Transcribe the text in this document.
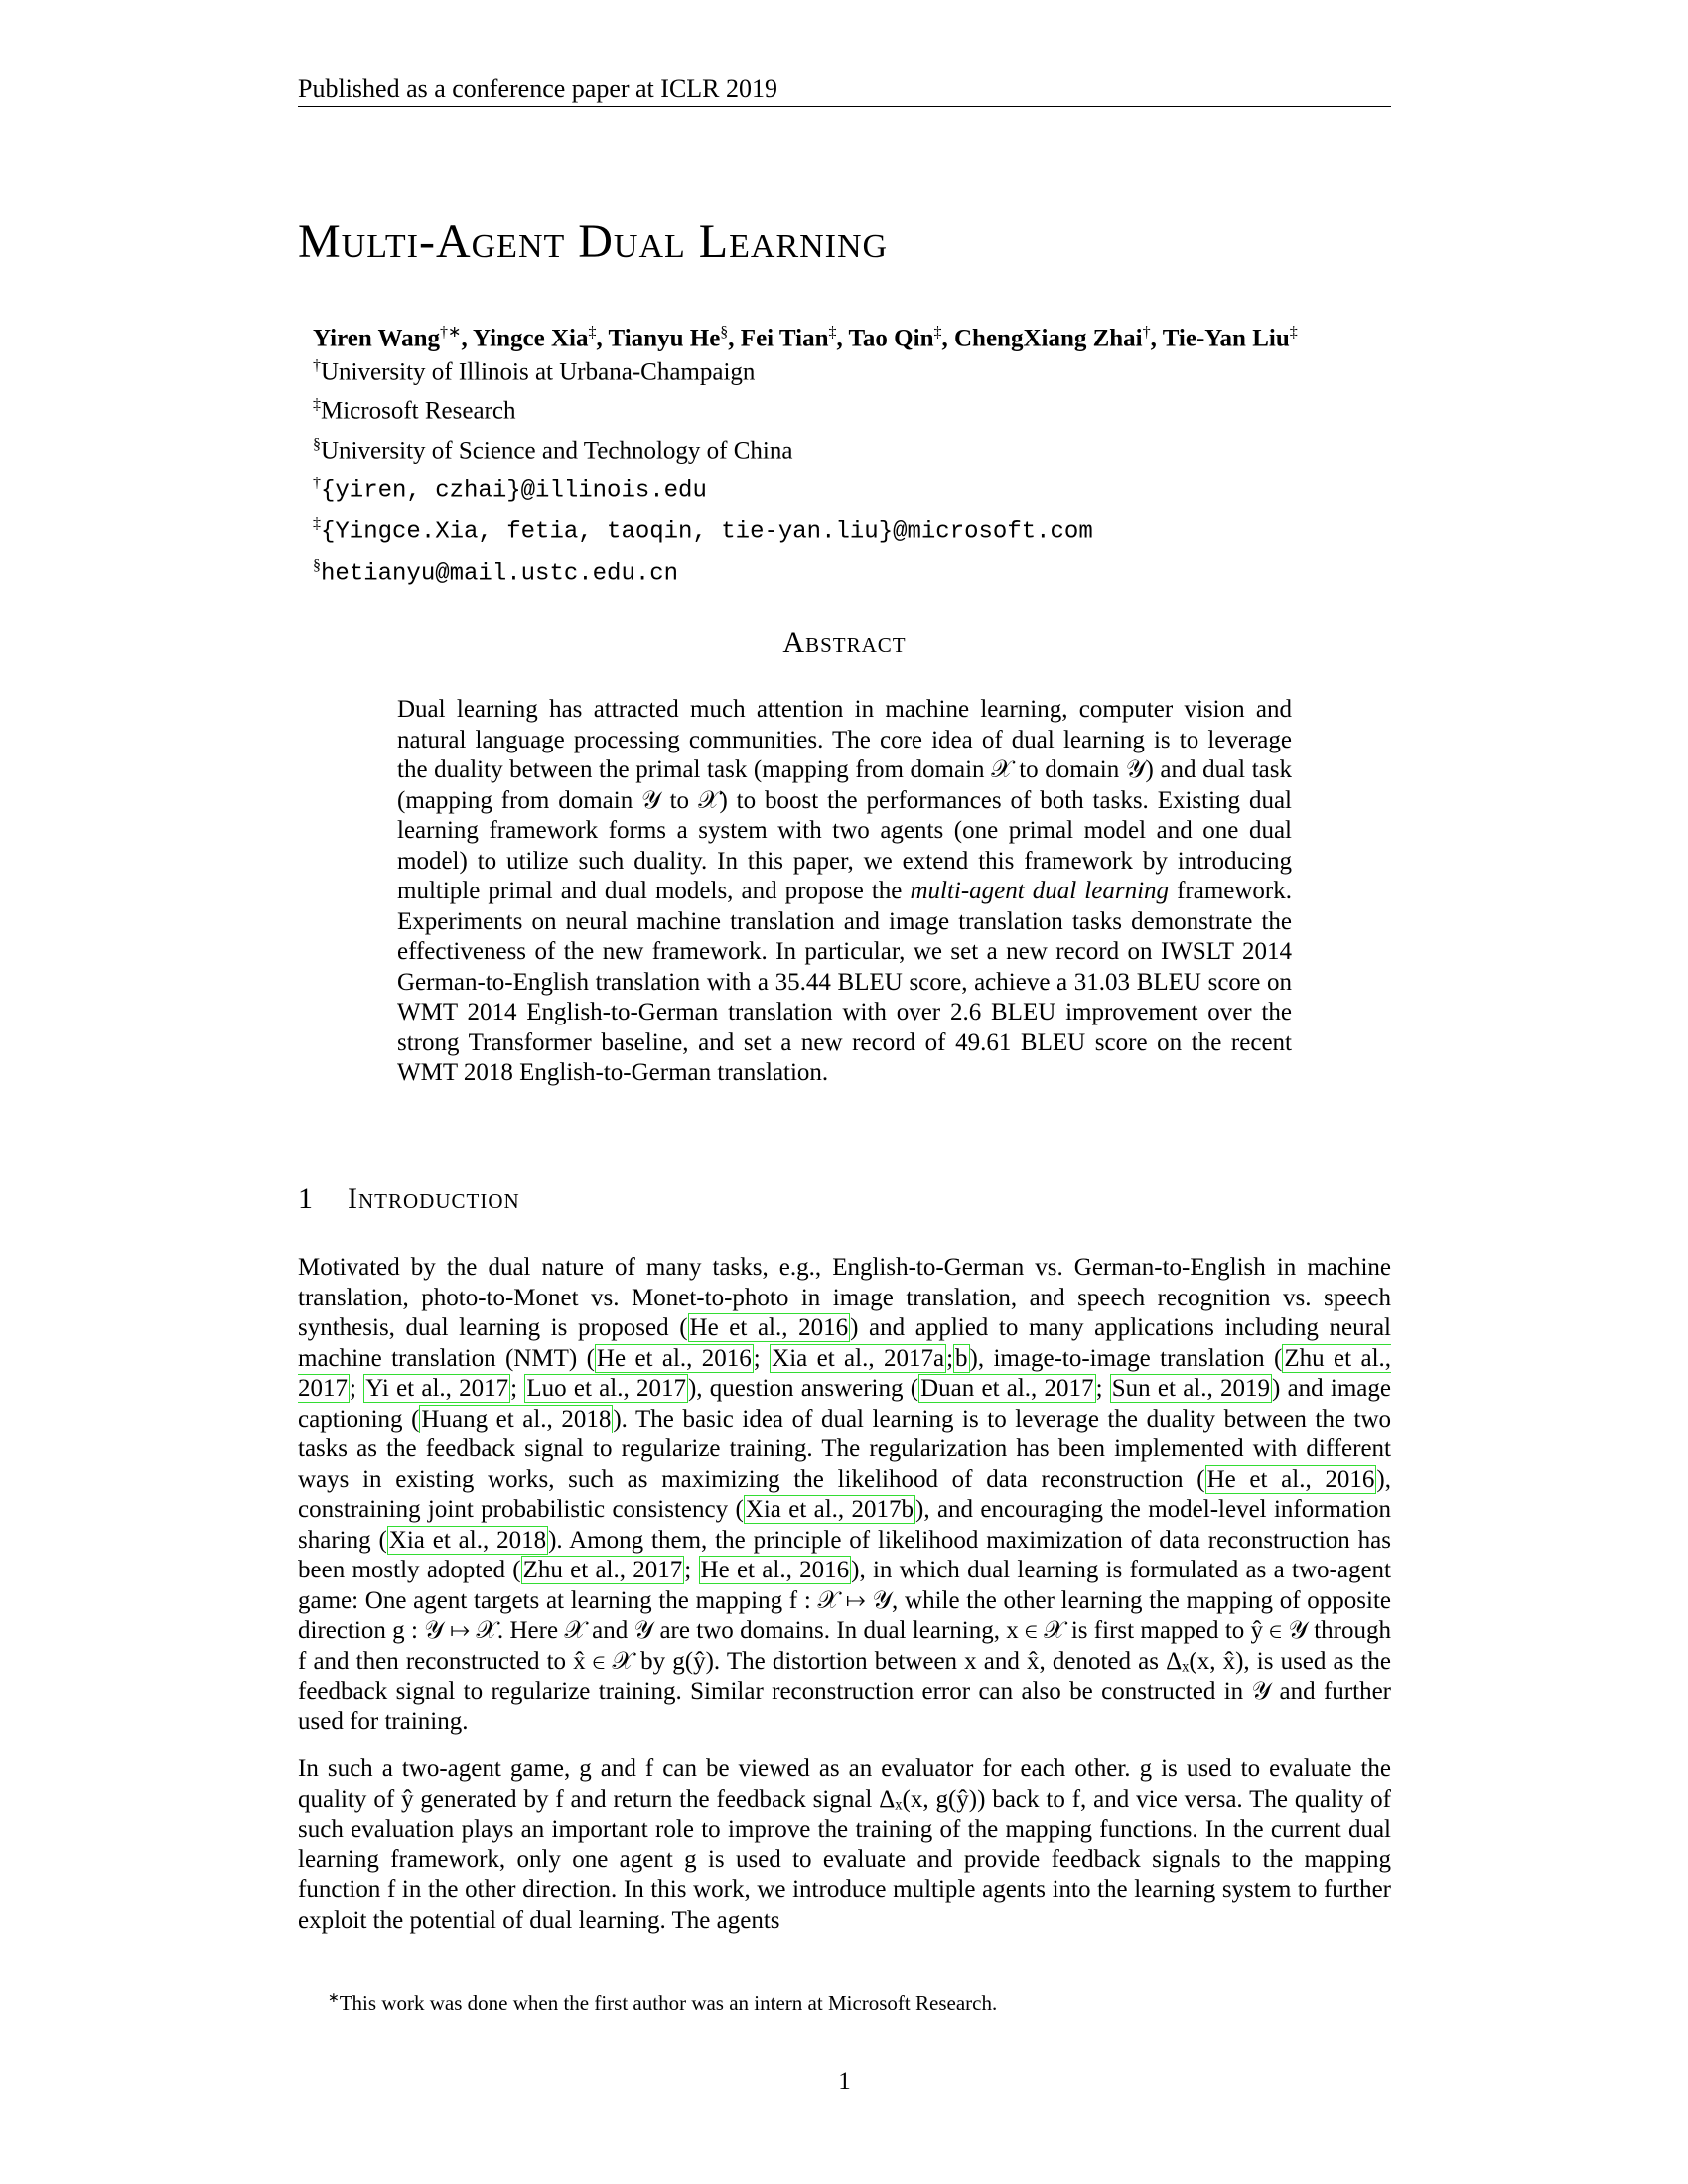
Published as a conference paper at ICLR 2019
Multi-Agent Dual Learning
Yiren Wang†∗, Yingce Xia‡, Tianyu He§, Fei Tian‡, Tao Qin‡, ChengXiang Zhai†, Tie-Yan Liu‡
†University of Illinois at Urbana-Champaign
‡Microsoft Research
§University of Science and Technology of China
†{yiren, czhai}@illinois.edu
‡{Yingce.Xia, fetia, taoqin, tie-yan.liu}@microsoft.com
§hetianyu@mail.ustc.edu.cn
Abstract
Dual learning has attracted much attention in machine learning, computer vision and natural language processing communities. The core idea of dual learning is to leverage the duality between the primal task (mapping from domain 𝒳 to domain 𝒴) and dual task (mapping from domain 𝒴 to 𝒳) to boost the performances of both tasks. Existing dual learning framework forms a system with two agents (one primal model and one dual model) to utilize such duality. In this paper, we extend this framework by introducing multiple primal and dual models, and propose the multi-agent dual learning framework. Experiments on neural machine translation and image translation tasks demonstrate the effectiveness of the new framework. In particular, we set a new record on IWSLT 2014 German-to-English translation with a 35.44 BLEU score, achieve a 31.03 BLEU score on WMT 2014 English-to-German translation with over 2.6 BLEU improvement over the strong Transformer baseline, and set a new record of 49.61 BLEU score on the recent WMT 2018 English-to-German translation.
1 Introduction

Motivated by the dual nature of many tasks, e.g., English-to-German vs. German-to-English in machine translation, photo-to-Monet vs. Monet-to-photo in image translation, and speech recognition vs. speech synthesis, dual learning is proposed (He et al., 2016) and applied to many applications including neural machine translation (NMT) (He et al., 2016; Xia et al., 2017a;b), image-to-image translation (Zhu et al., 2017; Yi et al., 2017; Luo et al., 2017), question answering (Duan et al., 2017; Sun et al., 2019) and image captioning (Huang et al., 2018). The basic idea of dual learning is to leverage the duality between the two tasks as the feedback signal to regularize training. The regularization has been implemented with different ways in existing works, such as maximizing the likelihood of data reconstruction (He et al., 2016), constraining joint probabilistic consistency (Xia et al., 2017b), and encouraging the model-level information sharing (Xia et al., 2018). Among them, the principle of likelihood maximization of data reconstruction has been mostly adopted (Zhu et al., 2017; He et al., 2016), in which dual learning is formulated as a two-agent game: One agent targets at learning the mapping f : 𝒳 ↦ 𝒴, while the other learning the mapping of opposite direction g : 𝒴 ↦ 𝒳. Here 𝒳 and 𝒴 are two domains. In dual learning, x ∈ 𝒳 is first mapped to ŷ ∈ 𝒴 through f and then reconstructed to x̂ ∈ 𝒳 by g(ŷ). The distortion between x and x̂, denoted as Δₓ(x, x̂), is used as the feedback signal to regularize training. Similar reconstruction error can also be constructed in 𝒴 and further used for training.

In such a two-agent game, g and f can be viewed as an evaluator for each other. g is used to evaluate the quality of ŷ generated by f and return the feedback signal Δₓ(x, g(ŷ)) back to f, and vice versa. The quality of such evaluation plays an important role to improve the training of the mapping functions. In the current dual learning framework, only one agent g is used to evaluate and provide feedback signals to the mapping function f in the other direction. In this work, we introduce multiple agents into the learning system to further exploit the potential of dual learning. The agents

∗This work was done when the first author was an intern at Microsoft Research.
1
